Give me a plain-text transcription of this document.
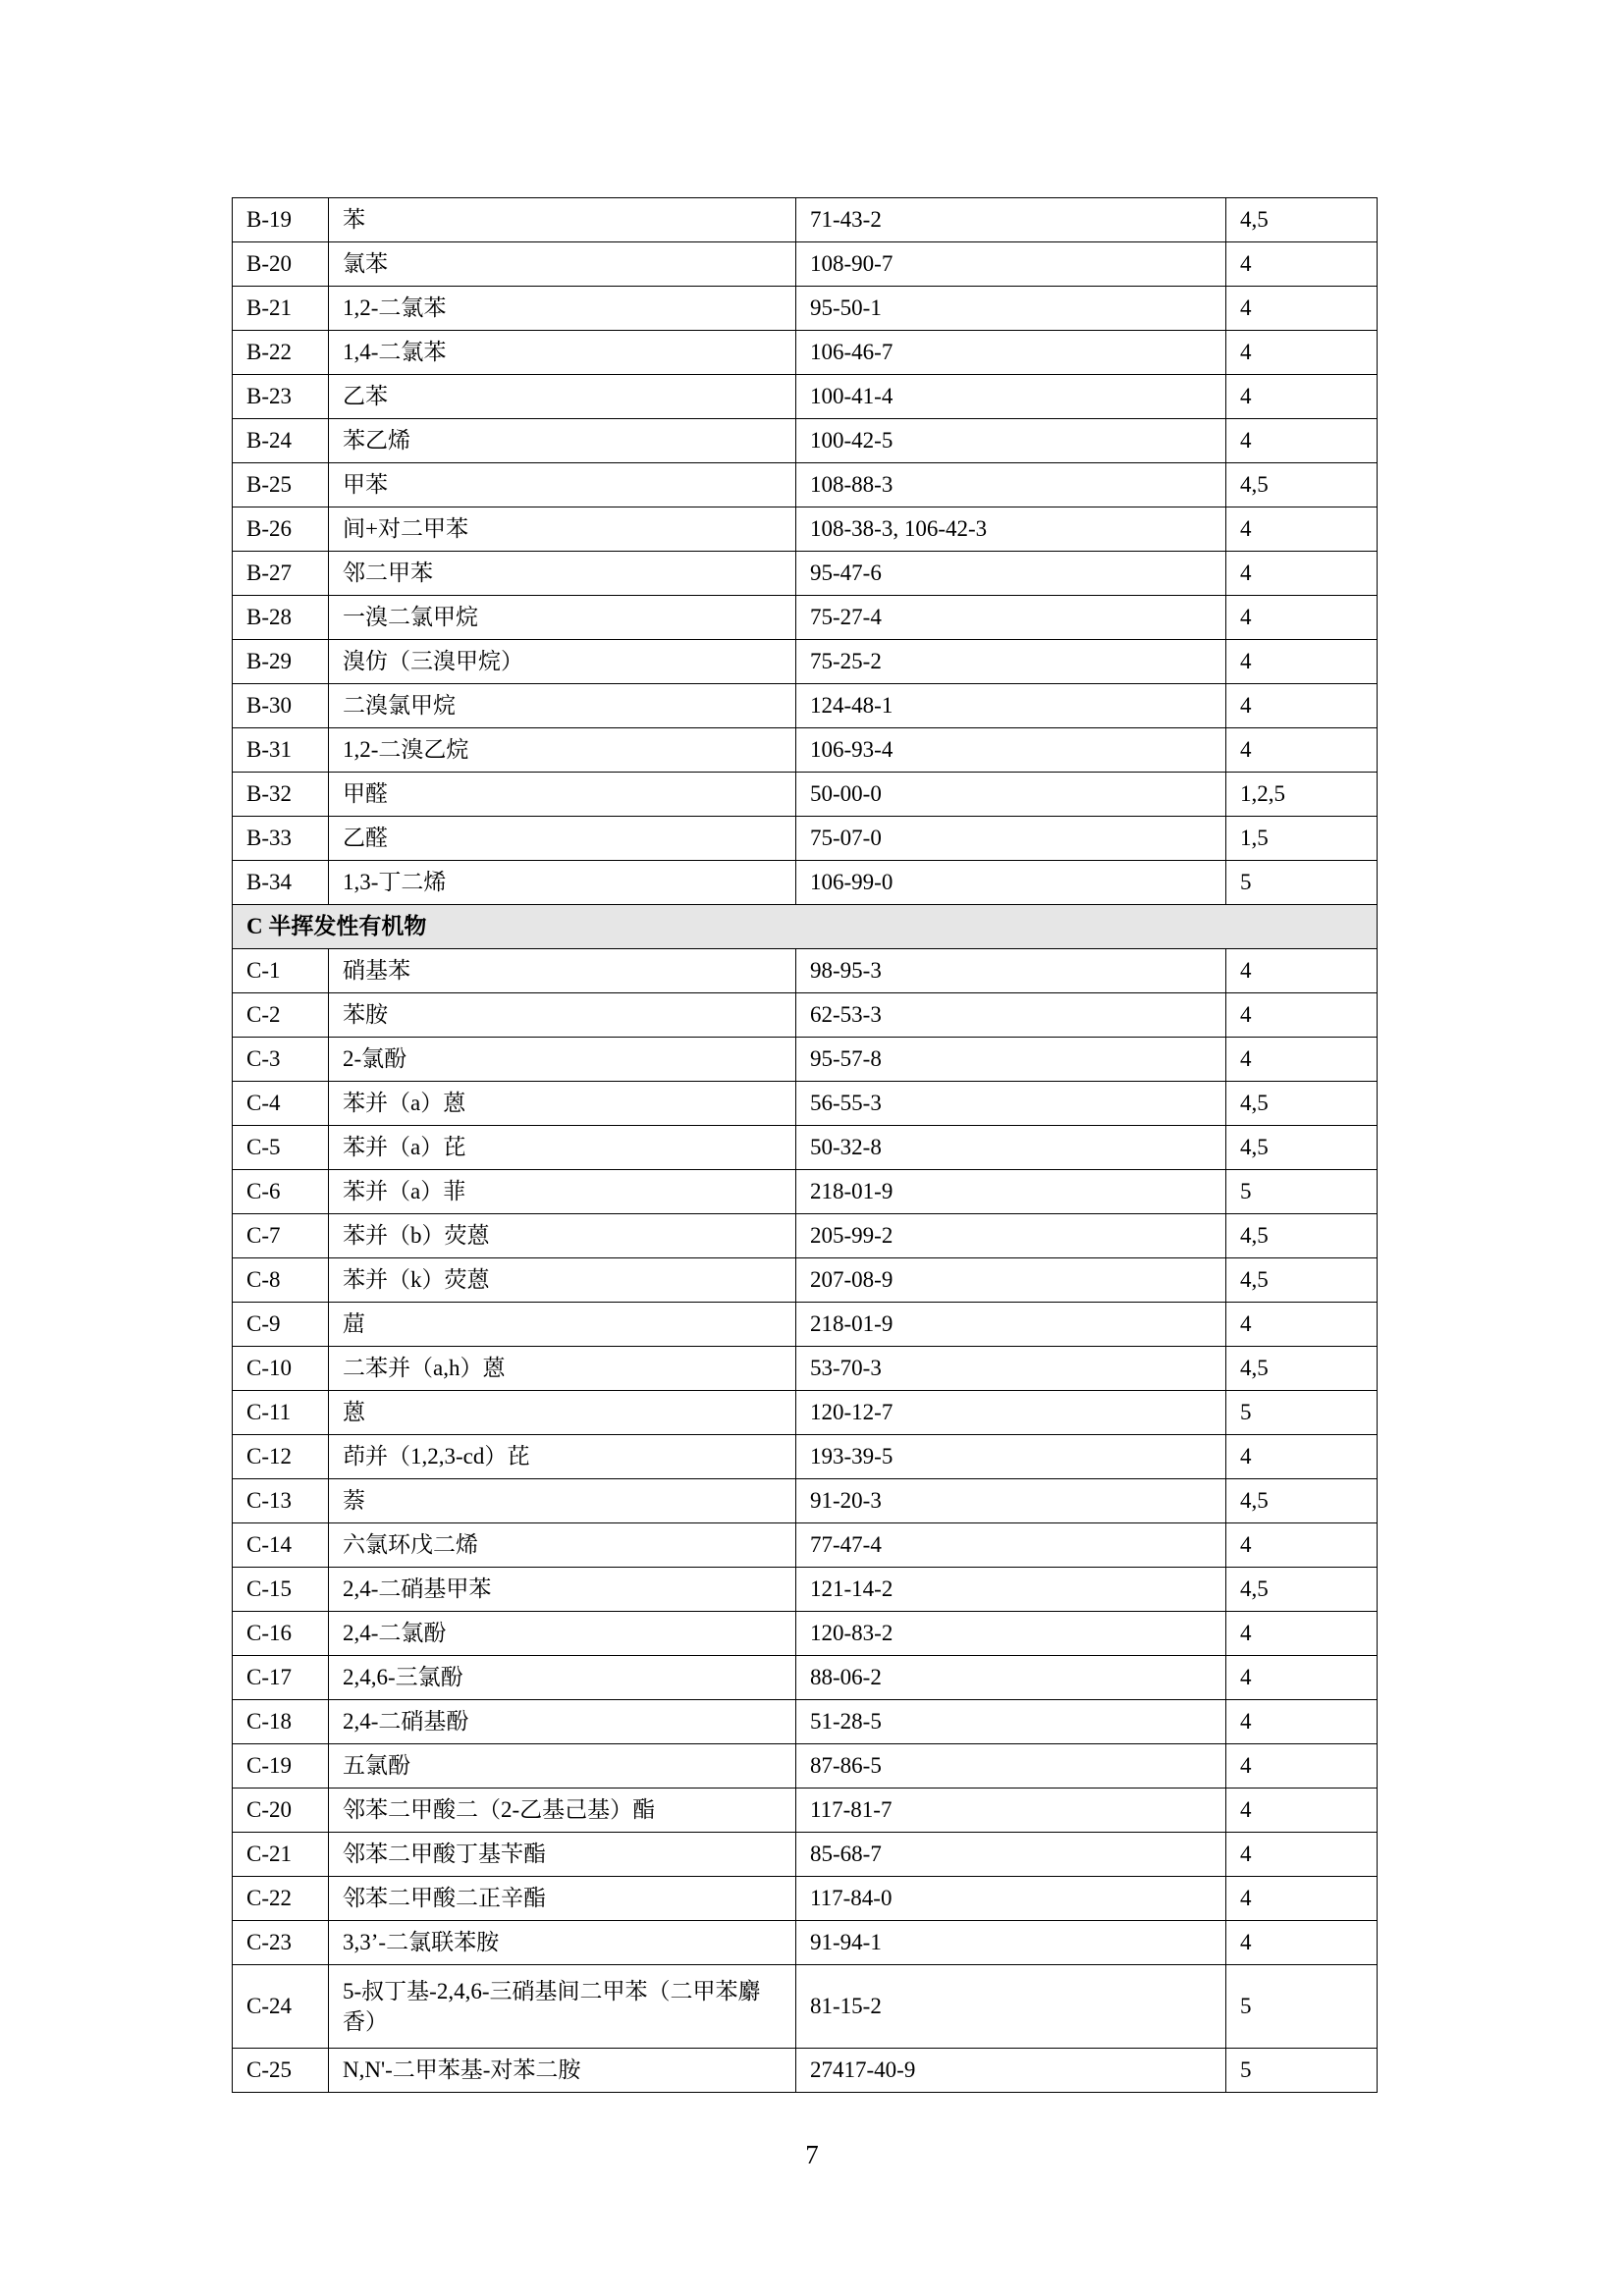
B-19	苯	71-43-2	4,5
B-20	氯苯	108-90-7	4
B-21	1,2-二氯苯	95-50-1	4
B-22	1,4-二氯苯	106-46-7	4
B-23	乙苯	100-41-4	4
B-24	苯乙烯	100-42-5	4
B-25	甲苯	108-88-3	4,5
B-26	间+对二甲苯	108-38-3, 106-42-3	4
B-27	邻二甲苯	95-47-6	4
B-28	一溴二氯甲烷	75-27-4	4
B-29	溴仿（三溴甲烷）	75-25-2	4
B-30	二溴氯甲烷	124-48-1	4
B-31	1,2-二溴乙烷	106-93-4	4
B-32	甲醛	50-00-0	1,2,5
B-33	乙醛	75-07-0	1,5
B-34	1,3-丁二烯	106-99-0	5
C 半挥发性有机物			
C-1	硝基苯	98-95-3	4
C-2	苯胺	62-53-3	4
C-3	2-氯酚	95-57-8	4
C-4	苯并（a）蒽	56-55-3	4,5
C-5	苯并（a）芘	50-32-8	4,5
C-6	苯并（a）菲	218-01-9	5
C-7	苯并（b）荧蒽	205-99-2	4,5
C-8	苯并（k）荧蒽	207-08-9	4,5
C-9	䓛	218-01-9	4
C-10	二苯并（a,h）蒽	53-70-3	4,5
C-11	蒽	120-12-7	5
C-12	茚并（1,2,3-cd）芘	193-39-5	4
C-13	萘	91-20-3	4,5
C-14	六氯环戊二烯	77-47-4	4
C-15	2,4-二硝基甲苯	121-14-2	4,5
C-16	2,4-二氯酚	120-83-2	4
C-17	2,4,6-三氯酚	88-06-2	4
C-18	2,4-二硝基酚	51-28-5	4
C-19	五氯酚	87-86-5	4
C-20	邻苯二甲酸二（2-乙基己基）酯	117-81-7	4
C-21	邻苯二甲酸丁基苄酯	85-68-7	4
C-22	邻苯二甲酸二正辛酯	117-84-0	4
C-23	3,3’-二氯联苯胺	91-94-1	4
C-24	5-叔丁基-2,4,6-三硝基间二甲苯（二甲苯麝香）	81-15-2	5
C-25	N,N'-二甲苯基-对苯二胺	27417-40-9	5
7
